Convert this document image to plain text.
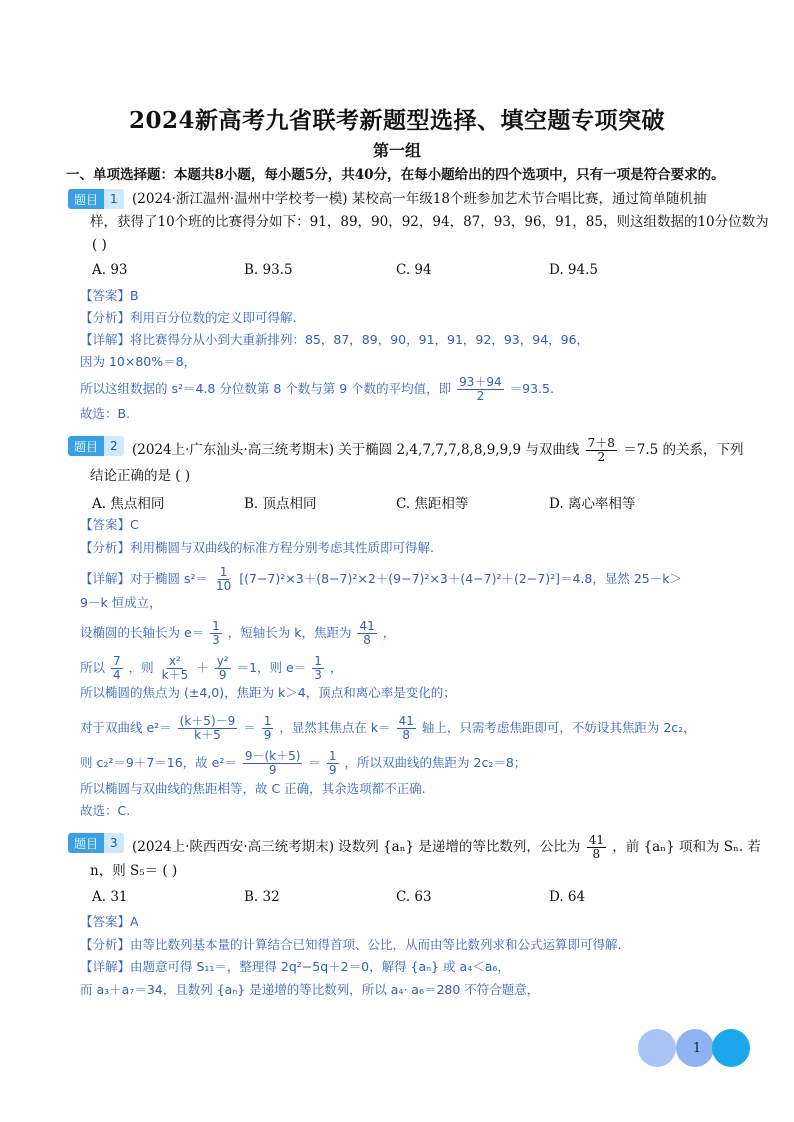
2024新高考九省联考新题型选择、填空题专项突破
第一组
一、单项选择题：本题共8小题，每小题5分，共40分，在每小题给出的四个选项中，只有一项是符合要求的。
题目	1	(2024·浙江温州·温州中学校考一模) 某校高一年级18个班参加艺术节合唱比赛，通过简单随机抽
样，获得了10个班的比赛得分如下：91，89，90，92，94，87，93，96，91，85，则这组数据的10分位数为
( )
A. 93	B. 93.5	C. 94	D. 94.5
【答案】B
【分析】利用百分位数的定义即可得解.
【详解】将比赛得分从小到大重新排列：85，87，89，90，91，91，92，93，94，96，
因为 10×80%＝8，
所以这组数据的 s²＝4.8 分位数第 8 个数与第 9 个数的平均值，即 $\frac{93+94}{2} =93.5$.
故选：B.
题目	2	(2024上·广东汕头·高三统考期末) 关于椭圆 2,4,7,7,7,8,8,9,9,9 与双曲线 $\frac{7+8}{2} =7.5$ 的关系，下列
结论正确的是 ( )
A. 焦点相同	B. 顶点相同	C. 焦距相等	D. 离心率相等
【答案】C
【分析】利用椭圆与双曲线的标准方程分别考虑其性质即可得解.
【详解】对于椭圆 $s^2= \frac{1}{10} [(7-7)^2\times 3+(8-7)^2\times 2+(9-7)^2\times 3+(4-7)^2+(2-7)^2]=4.8$，显然 25－k＞
9－k 恒成立，
设椭圆的长轴长为 $e= \frac{1}{3}$ ，短轴长为 k，焦距为 $\frac{41}{8}$ ，
所以 $\frac{7}{4}$ ，则 $\frac{\text{x²}}{k+5} + \frac{\text{y²}}{9} =1$，则 $e= \frac{1}{3}$ ，
所以椭圆的焦点为 (±4,0)，焦距为 k＞4，顶点和离心率是变化的；
对于双曲线 $e^2= \frac{(k+5)-9}{k+5} = \frac{1}{9}$ ，显然其焦点在 $k= \frac{41}{8}$ 轴上，只需考虑焦距即可，不妨设其焦距为 2c₂，
则 c₂²＝9＋7＝16，故 $e^2= \frac{9-(k+5)}{9} = \frac{1}{9}$ ，所以双曲线的焦距为 2c₂＝8；
所以椭圆与双曲线的焦距相等，故 C 正确，其余选项都不正确.
故选：C.
题目	3	(2024上·陕西西安·高三统考期末) 设数列 {aₙ} 是递增的等比数列，公比为 $\frac{41}{8}$ ，前 {aₙ} 项和为 Sₙ. 若
n，则 S₅＝ ( )
A. 31	B. 32	C. 63	D. 64
【答案】A
【分析】由等比数列基本量的计算结合已知得首项、公比，从而由等比数列求和公式运算即可得解.
【详解】由题意可得 S₁₁＝，整理得 2q²−5q＋2＝0，解得 {aₙ} 或 a₄＜a₆，
而 a₃＋a₇＝34，且数列 {aₙ} 是递增的等比数列，所以 a₄· a₆＝280 不符合题意，
1
